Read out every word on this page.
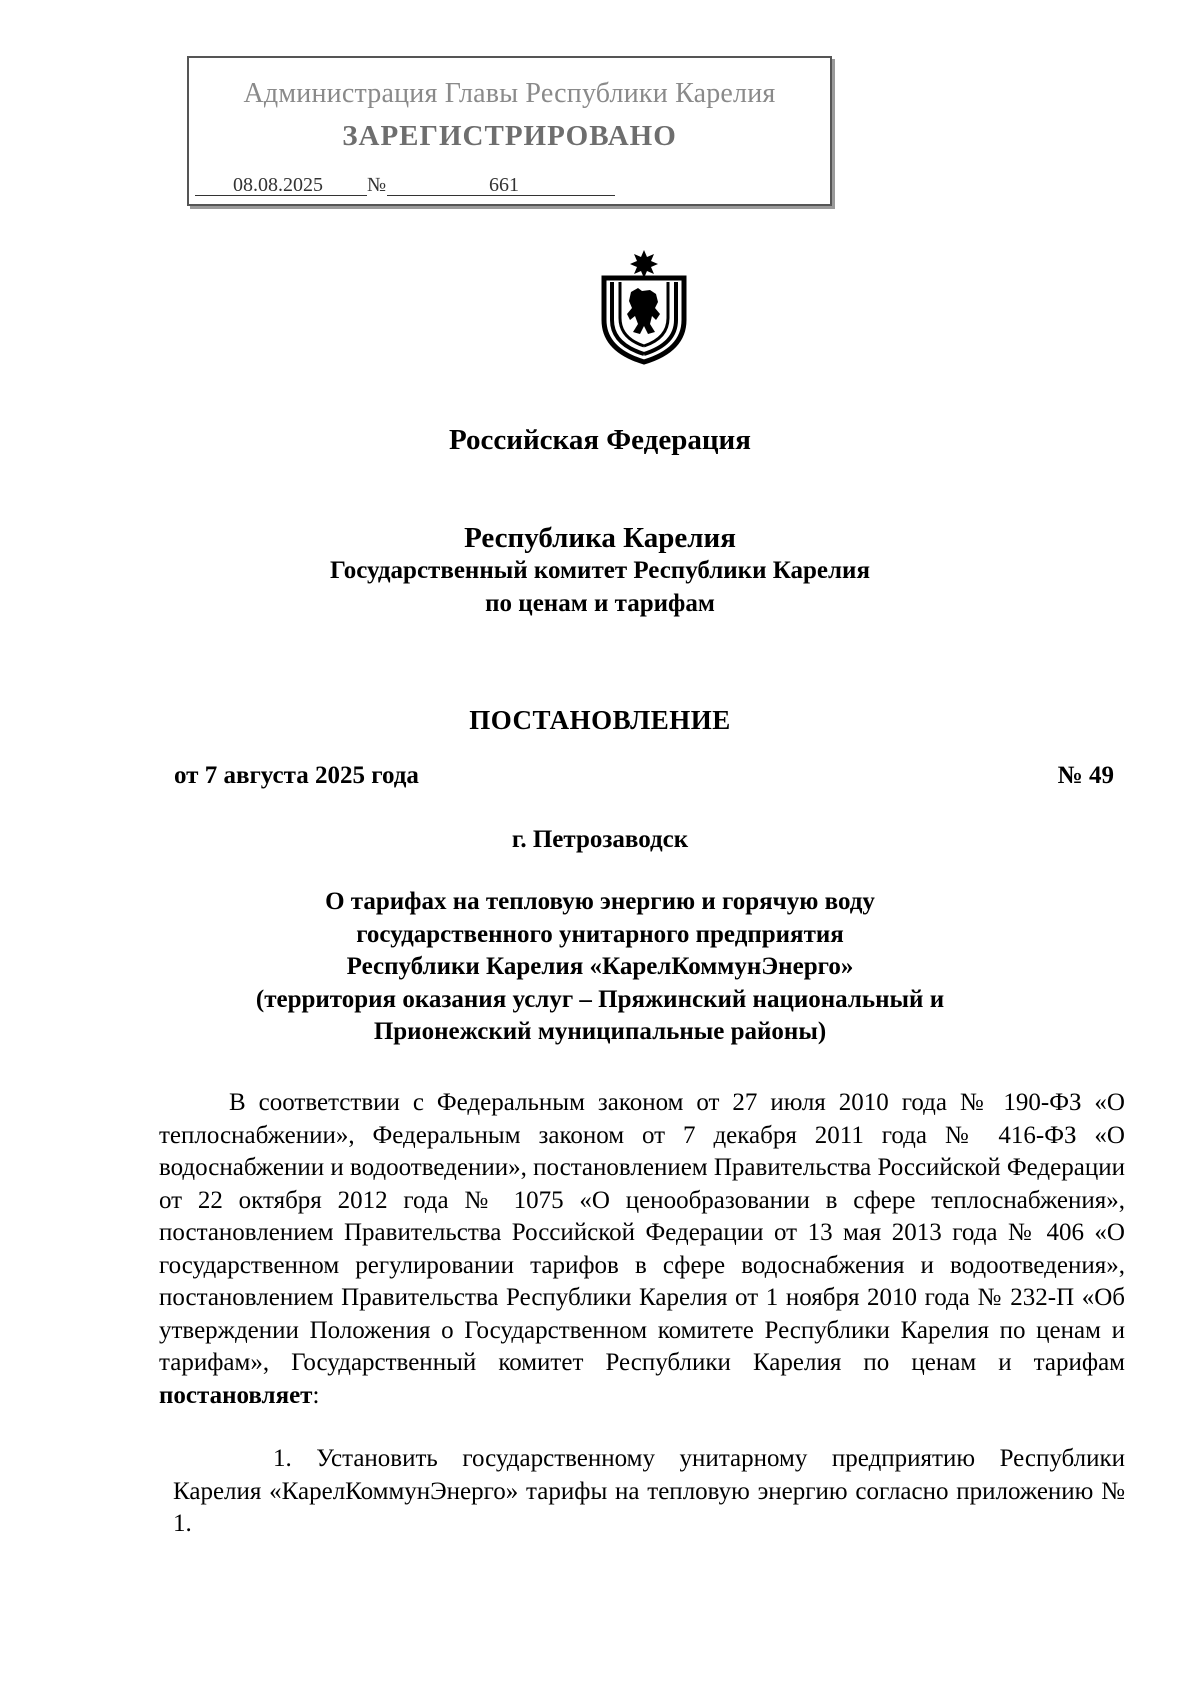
Администрация Главы Республики Карелия
ЗАРЕГИСТРИРОВАНО
08.08.2025 №	661
Российская Федерация
Республика Карелия
Государственный комитет Республики Карелия
по ценам и тарифам
ПОСТАНОВЛЕНИЕ
от 7 августа 2025 года	№ 49
г. Петрозаводск
О тарифах на тепловую энергию и горячую воду
государственного унитарного предприятия
Республики Карелия «КарелКоммунЭнерго»
(территория оказания услуг – Пряжинский национальный и
Прионежский муниципальные районы)

В соответствии с Федеральным законом от 27 июля 2010 года № 190-ФЗ «О теплоснабжении», Федеральным законом от 7 декабря 2011 года № 416-ФЗ «О водоснабжении и водоотведении», постановлением Правительства Российской Федерации от 22 октября 2012 года № 1075 «О ценообразовании в сфере теплоснабжения», постановлением Правительства Российской Федерации от 13 мая 2013 года № 406 «О государственном регулировании тарифов в сфере водоснабжения и водоотведения», постановлением Правительства Республики Карелия от 1 ноября 2010 года № 232-П «Об утверждении Положения о Государственном комитете Республики Карелия по ценам и тарифам», Государственный комитет Республики Карелия по ценам и тарифам постановляет:

1. Установить государственному унитарному предприятию Республики Карелия «КарелКоммунЭнерго» тарифы на тепловую энергию согласно приложению № 1.
